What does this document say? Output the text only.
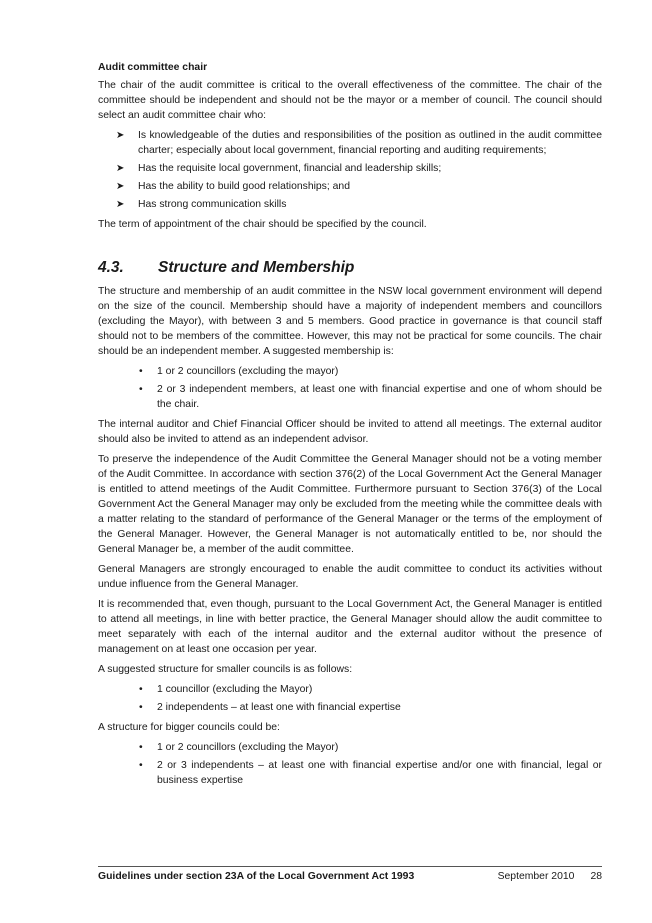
Audit committee chair

The chair of the audit committee is critical to the overall effectiveness of the committee. The chair of the committee should be independent and should not be the mayor or a member of council. The council should select an audit committee chair who:

➤ Is knowledgeable of the duties and responsibilities of the position as outlined in the audit committee charter; especially about local government, financial reporting and auditing requirements;
➤ Has the requisite local government, financial and leadership skills;
➤ Has the ability to build good relationships; and
➤ Has strong communication skills

The term of appointment of the chair should be specified by the council.

4.3.	Structure and Membership

The structure and membership of an audit committee in the NSW local government environment will depend on the size of the council. Membership should have a majority of independent members and councillors (excluding the Mayor), with between 3 and 5 members. Good practice in governance is that council staff should not to be members of the committee. However, this may not be practical for some councils. The chair should be an independent member. A suggested membership is:

• 1 or 2 councillors (excluding the mayor)
• 2 or 3 independent members, at least one with financial expertise and one of whom should be the chair.

The internal auditor and Chief Financial Officer should be invited to attend all meetings. The external auditor should also be invited to attend as an independent advisor.

To preserve the independence of the Audit Committee the General Manager should not be a voting member of the Audit Committee. In accordance with section 376(2) of the Local Government Act the General Manager is entitled to attend meetings of the Audit Committee. Furthermore pursuant to Section 376(3) of the Local Government Act the General Manager may only be excluded from the meeting while the committee deals with a matter relating to the standard of performance of the General Manager or the terms of the employment of the General Manager. However, the General Manager is not automatically entitled to be, nor should the General Manager be, a member of the audit committee.

General Managers are strongly encouraged to enable the audit committee to conduct its activities without undue influence from the General Manager.

It is recommended that, even though, pursuant to the Local Government Act, the General Manager is entitled to attend all meetings, in line with better practice, the General Manager should allow the audit committee to meet separately with each of the internal auditor and the external auditor without the presence of management on at least one occasion per year.

A suggested structure for smaller councils is as follows:

• 1 councillor (excluding the Mayor)
• 2 independents – at least one with financial expertise

A structure for bigger councils could be:

• 1 or 2 councillors (excluding the Mayor)
• 2 or 3 independents – at least one with financial expertise and/or one with financial, legal or business expertise
Guidelines under section 23A of the Local Government Act 1993	September 2010 28
